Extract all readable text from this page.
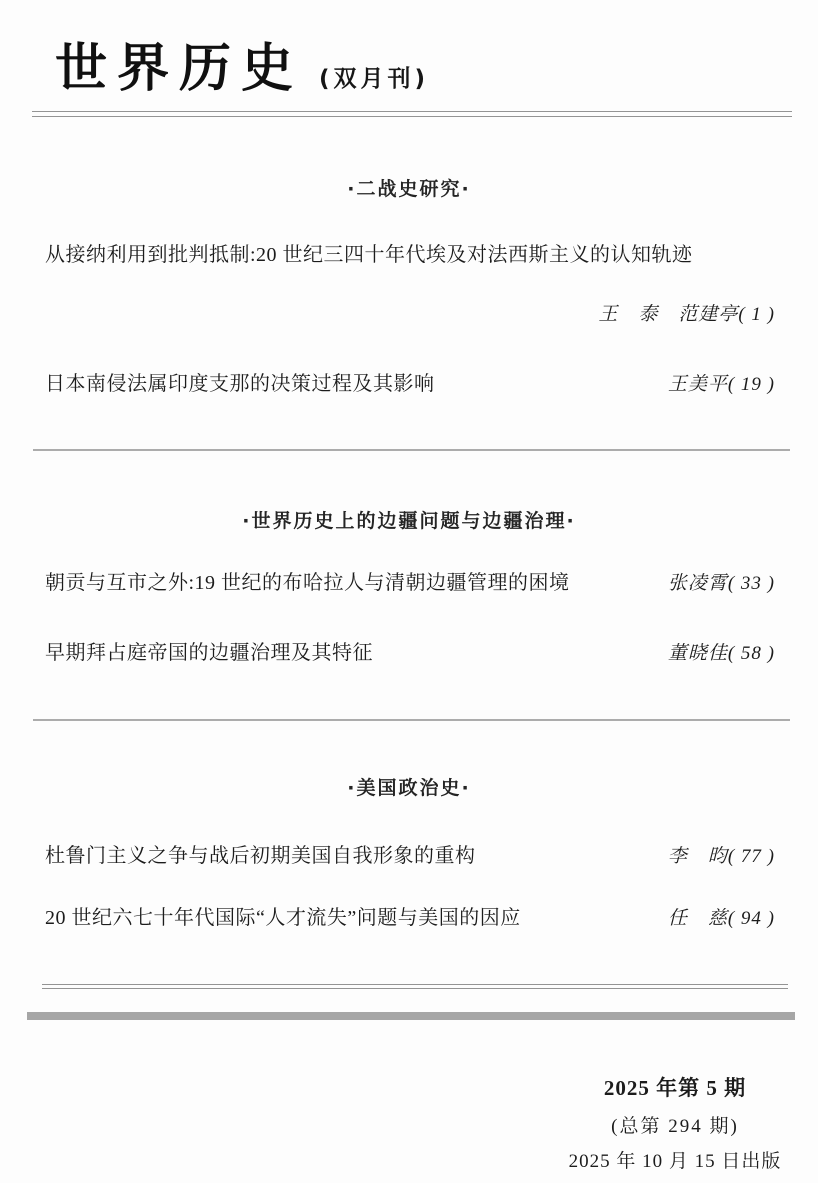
世界历史 (双月刊)
·二战史研究·
从接纳利用到批判抵制:20 世纪三四十年代埃及对法西斯主义的认知轨迹
王　泰　范建亭( 1 )
日本南侵法属印度支那的决策过程及其影响	王美平( 19 )
·世界历史上的边疆问题与边疆治理·
朝贡与互市之外:19 世纪的布哈拉人与清朝边疆管理的困境	张凌霄( 33 )
早期拜占庭帝国的边疆治理及其特征	董晓佳( 58 )
·美国政治史·
杜鲁门主义之争与战后初期美国自我形象的重构	李　昀( 77 )
20 世纪六七十年代国际“人才流失”问题与美国的因应	任　慈( 94 )
2025 年第 5 期
(总第 294 期)
2025 年 10 月 15 日出版
